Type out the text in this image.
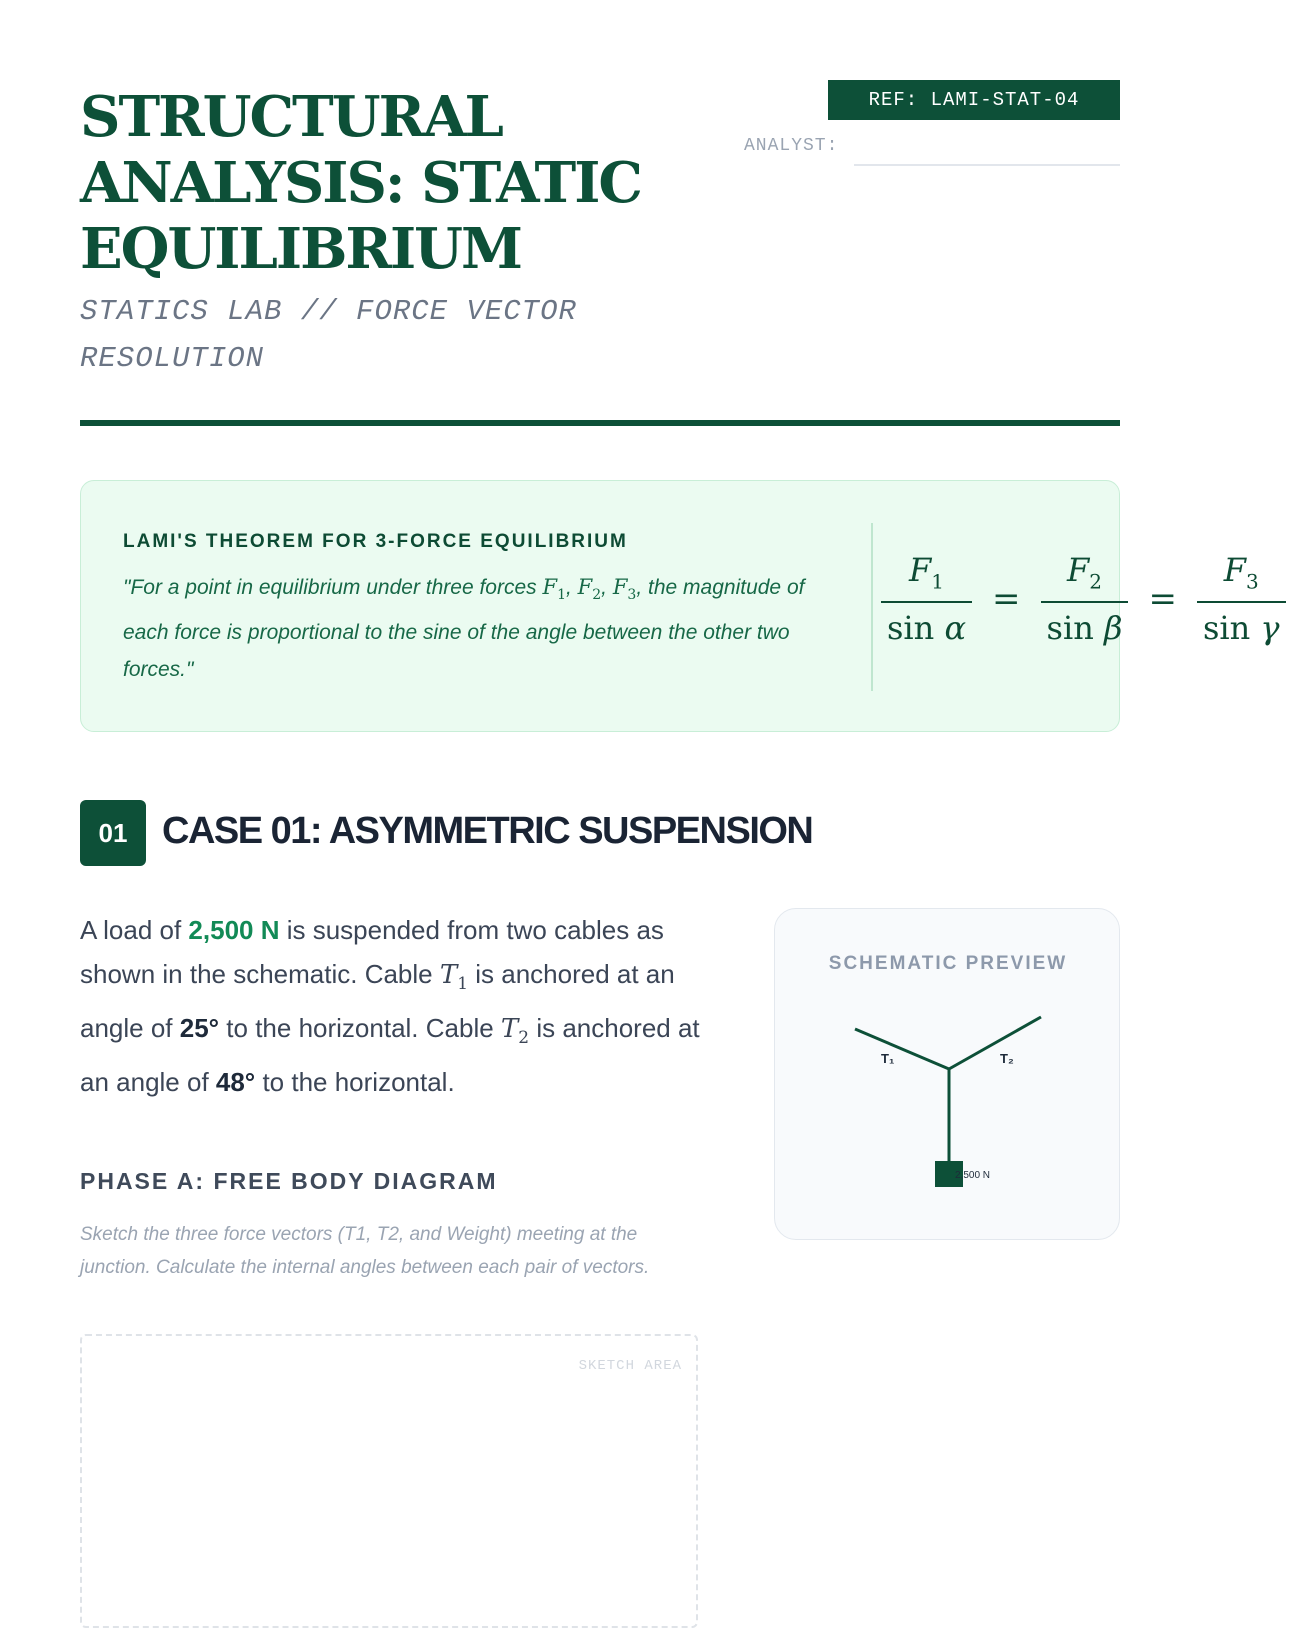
STRUCTURAL ANALYSIS: STATIC EQUILIBRIUM

STATICS LAB // FORCE VECTOR RESOLUTION

REF: LAMI-STAT-04
ANALYST:
LAMI'S THEOREM FOR 3-FORCE EQUILIBRIUM

"For a point in equilibrium under three forces $F_1$, $F_2$, $F_3$, the magnitude of each force is proportional to the sine of the angle between the other two forces."

$\frac{F_1}{\text{sin α}} = \frac{F_2}{\text{sin β}} = \frac{F_3}{\text{sin γ}}$
01 CASE 01: ASYMMETRIC SUSPENSION

A load of 2,500 N is suspended from two cables as shown in the schematic. Cable $T_1$ is anchored at an angle of 25° to the horizontal. Cable $T_2$ is anchored at an angle of 48° to the horizontal.

PHASE A: FREE BODY DIAGRAM

Sketch the three force vectors (T1, T2, and Weight) meeting at the junction. Calculate the internal angles between each pair of vectors.

SKETCH AREA
SCHEMATIC PREVIEW
T₁	T₂
2,500 N
